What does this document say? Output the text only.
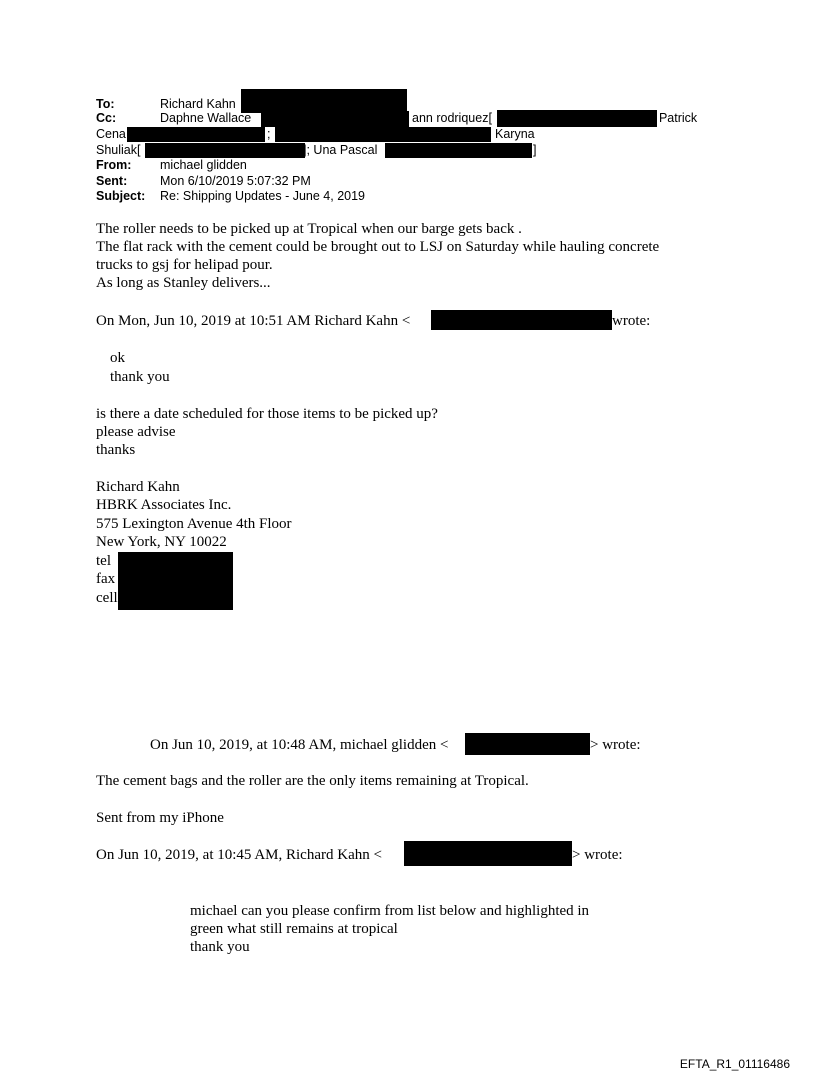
To:	Richard Kahn
Cc:	Daphne Wallace	ann rodriquez[	; Patrick
Cena	;	Karyna
Shuliak[	]; Una Pascal	]
From: michael glidden
Sent:	Mon 6/10/2019 5:07:32 PM
Subject: Re: Shipping Updates - June 4, 2019
The roller needs to be picked up at Tropical when our barge gets back .
The flat rack with the cement could be brought out to LSJ on Saturday while hauling concrete
trucks to gsj for helipad pour.
As long as Stanley delivers...
On Mon, Jun 10, 2019 at 10:51 AM Richard Kahn <	wrote:
ok
thank you
is there a date scheduled for those items to be picked up?
please advise
thanks
Richard Kahn
HBRK Associates Inc.
575 Lexington Avenue 4th Floor
New York, NY 10022
tel
fax
cell
On Jun 10, 2019, at 10:48 AM, michael glidden <	> wrote:
The cement bags and the roller are the only items remaining at Tropical.
Sent from my iPhone
On Jun 10, 2019, at 10:45 AM, Richard Kahn <	> wrote:
michael can you please confirm from list below and highlighted in
green what still remains at tropical
thank you
EFTA_R1_01116486
